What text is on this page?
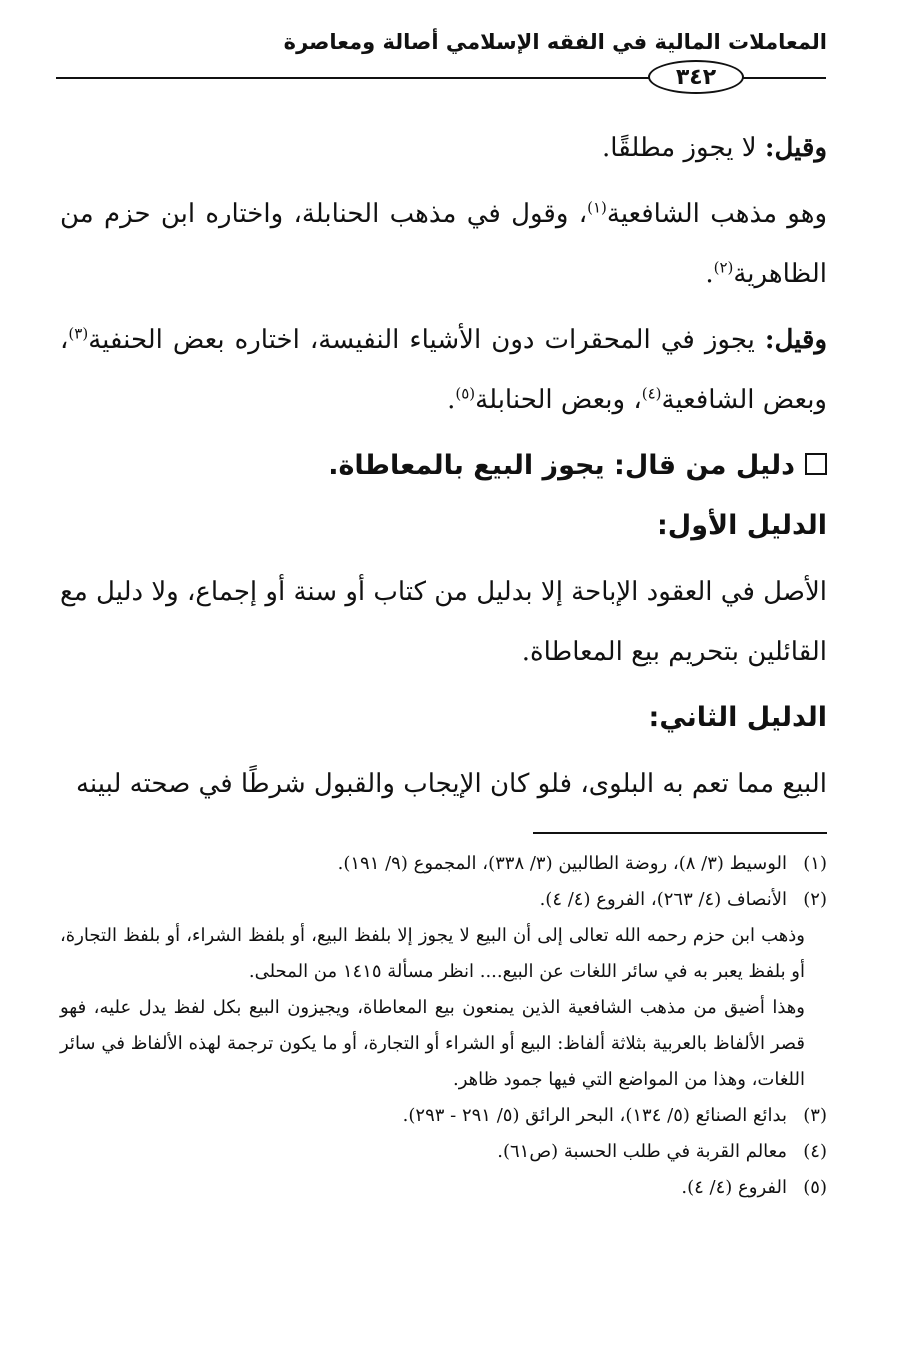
المعاملات المالية في الفقه الإسلامي أصالة ومعاصرة
٣٤٢

وقيل: لا يجوز مطلقًا.

وهو مذهب الشافعية$^{(١)}$، وقول في مذهب الحنابلة، واختاره ابن حزم من الظاهرية$^{(٢)}$.

وقيل: يجوز في المحقرات دون الأشياء النفيسة، اختاره بعض الحنفية$^{(٣)}$، وبعض الشافعية$^{(٤)}$، وبعض الحنابلة$^{(٥)}$.

دليل من قال: يجوز البيع بالمعاطاة.

الدليل الأول:

الأصل في العقود الإباحة إلا بدليل من كتاب أو سنة أو إجماع، ولا دليل مع القائلين بتحريم بيع المعاطاة.

الدليل الثاني:

البيع مما تعم به البلوى، فلو كان الإيجاب والقبول شرطًا في صحته لبينه

(١)الوسيط (٣/ ٨)، روضة الطالبين (٣/ ٣٣٨)، المجموع (٩/ ١٩١).

(٢)الأنصاف (٤/ ٢٦٣)، الفروع (٤/ ٤).

وذهب ابن حزم رحمه الله تعالى إلى أن البيع لا يجوز إلا بلفظ البيع، أو بلفظ الشراء، أو بلفظ التجارة، أو بلفظ يعبر به في سائر اللغات عن البيع.... انظر مسألة ١٤١٥ من المحلى.

وهذا أضيق من مذهب الشافعية الذين يمنعون بيع المعاطاة، ويجيزون البيع بكل لفظ يدل عليه، فهو قصر الألفاظ بالعربية بثلاثة ألفاظ: البيع أو الشراء أو التجارة، أو ما يكون ترجمة لهذه الألفاظ في سائر اللغات، وهذا من المواضع التي فيها جمود ظاهر.

(٣)بدائع الصنائع (٥/ ١٣٤)، البحر الرائق (٥/ ٢٩١ - ٢٩٣).

(٤)معالم القربة في طلب الحسبة (ص٦١).

(٥)الفروع (٤/ ٤).
